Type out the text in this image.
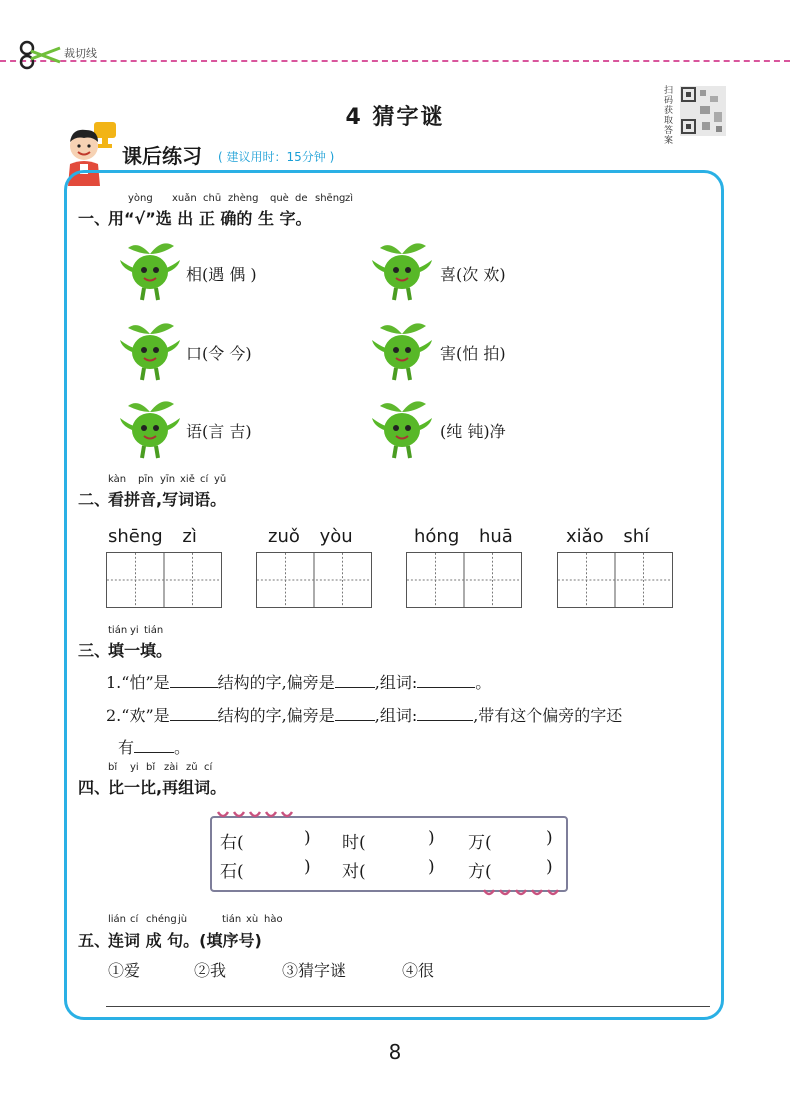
裁切线
4 猜字谜
扫码获取答案
课后练习 ( 建议用时：15分钟 )
yòng xuǎn chū zhèng què de shēng zì
一、
用“√”选 出 正 确的 生 字。
相(遇 偶 )	喜(次 欢)
口(令 今)	害(怕 拍)
语(言 吉)	(纯 钝)净
kàn pīn yīn xiě cí yǔ
二、
看拼音,写词语。
shēng zì	zuǒ yòu	hóng huā	xiǎo shí
tián yi tián
三、
填一填。
1.“怕”是	结构的字,偏旁是	,组词:	。
2.“欢”是	结构的字,偏旁是	,组词:	,带有这个偏旁的字还
有	。
bǐ yi bǐ zài zǔ cí
四、
比一比,再组词。
右(	) 时(	) 万(	)
石(	) 对(	) 方(	)
lián cí chéng jù	tián xù hào
五、
连词 成 句。(填序号)
①爱	②我	③猜字谜	④很
8
